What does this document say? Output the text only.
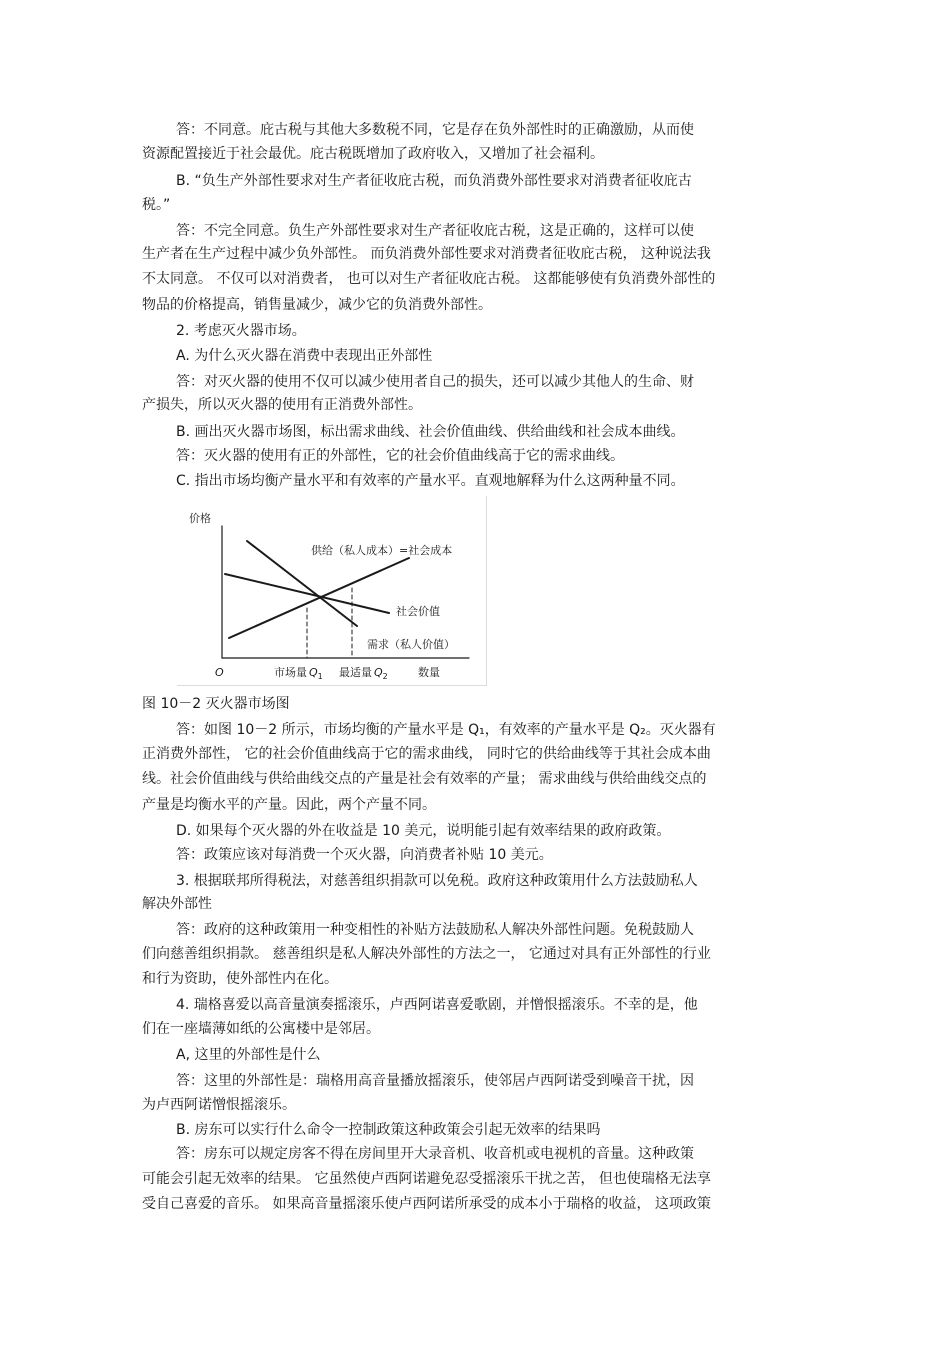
答：不同意。庇古税与其他大多数税不同，它是存在负外部性时的正确激励，从而使

资源配置接近于社会最优。庇古税既增加了政府收入，又增加了社会福利。

B. “负生产外部性要求对生产者征收庇古税，而负消费外部性要求对消费者征收庇古

税。”

答：不完全同意。负生产外部性要求对生产者征收庇古税，这是正确的，这样可以使

生产者在生产过程中减少负外部性。 而负消费外部性要求对消费者征收庇古税， 这种说法我

不太同意。 不仅可以对消费者， 也可以对生产者征收庇古税。 这都能够使有负消费外部性的

物品的价格提高，销售量减少，减少它的负消费外部性。

2. 考虑灭火器市场。

A. 为什么灭火器在消费中表现出正外部性

答：对灭火器的使用不仅可以减少使用者自己的损失，还可以减少其他人的生命、财

产损失，所以灭火器的使用有正消费外部性。

B. 画出灭火器市场图，标出需求曲线、社会价值曲线、供给曲线和社会成本曲线。

答：灭火器的使用有正的外部性，它的社会价值曲线高于它的需求曲线。

C. 指出市场均衡产量水平和有效率的产量水平。直观地解释为什么这两种量不同。

价格
O	数量
供给（私人成本）=社会成本
社会价值
需求（私人价值）
市场量 $Q_1$ 最适量 $Q_2$

图 10－2 灭火器市场图

答：如图 10－2 所示，市场均衡的产量水平是 Q₁，有效率的产量水平是 Q₂。灭火器有

正消费外部性， 它的社会价值曲线高于它的需求曲线， 同时它的供给曲线等于其社会成本曲

线。社会价值曲线与供给曲线交点的产量是社会有效率的产量； 需求曲线与供给曲线交点的

产量是均衡水平的产量。因此，两个产量不同。

D. 如果每个灭火器的外在收益是 10 美元，说明能引起有效率结果的政府政策。

答：政策应该对每消费一个灭火器，向消费者补贴 10 美元。

3. 根据联邦所得税法，对慈善组织捐款可以免税。政府这种政策用什么方法鼓励私人

解决外部性

答：政府的这种政策用一种变相性的补贴方法鼓励私人解决外部性问题。免税鼓励人

们向慈善组织捐款。 慈善组织是私人解决外部性的方法之一， 它通过对具有正外部性的行业

和行为资助，使外部性内在化。

4. 瑞格喜爱以高音量演奏摇滚乐，卢西阿诺喜爱歌剧，并憎恨摇滚乐。不幸的是，他

们在一座墙薄如纸的公寓楼中是邻居。

A, 这里的外部性是什么

答：这里的外部性是：瑞格用高音量播放摇滚乐，使邻居卢西阿诺受到噪音干扰，因

为卢西阿诺憎恨摇滚乐。

B. 房东可以实行什么命令一控制政策这种政策会引起无效率的结果吗

答：房东可以规定房客不得在房间里开大录音机、收音机或电视机的音量。这种政策

可能会引起无效率的结果。 它虽然使卢西阿诺避免忍受摇滚乐干扰之苦， 但也使瑞格无法享

受自己喜爱的音乐。 如果高音量摇滚乐使卢西阿诺所承受的成本小于瑞格的收益， 这项政策
